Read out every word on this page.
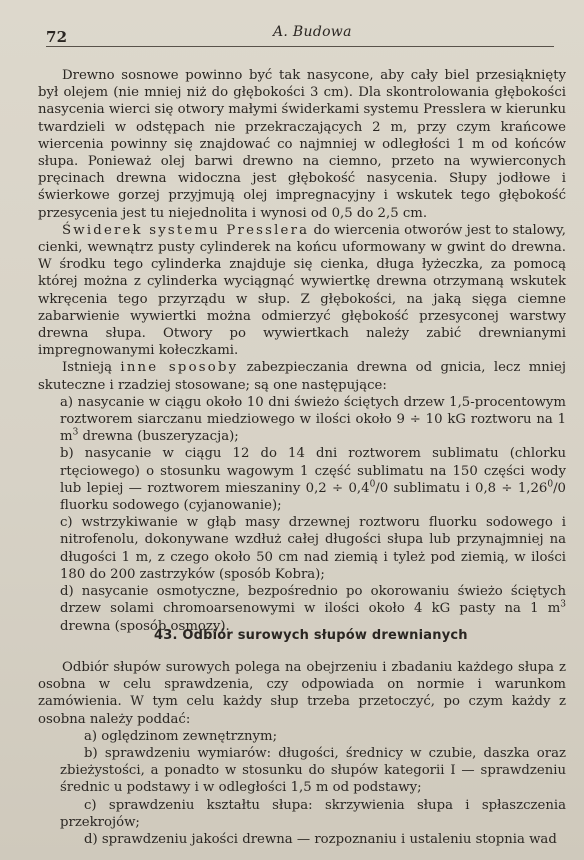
72	A. Budowa

Drewno sosnowe powinno być tak nasycone, aby cały biel przesiąknięty był olejem (nie mniej niż do głębokości 3 cm). Dla skontrolowania głębokości nasycenia wierci się otwory małymi świderkami systemu Presslera w kierunku twardzieli w odstępach nie przekraczających 2 m, przy czym krańcowe wiercenia powinny się znajdować co najmniej w odległości 1 m od końców słupa. Ponieważ olej barwi drewno na ciemno, przeto na wywierconych pręcinach drewna widoczna jest głębokość nasycenia. Słupy jodłowe i świerkowe gorzej przyjmują olej impregnacyjny i wskutek tego głębokość przesycenia jest tu niejednolita i wynosi od 0,5 do 2,5 cm.

Świderek systemu Presslera do wiercenia otworów jest to stalowy, cienki, wewnątrz pusty cylinderek na końcu uformowany w gwint do drewna. W środku tego cylinderka znajduje się cienka, długa łyżeczka, za pomocą której można z cylinderka wyciągnąć wywiertkę drewna otrzymaną wskutek wkręcenia tego przyrządu w słup. Z głębokości, na jaką sięga ciemne zabarwienie wywiertki można odmierzyć głębokość przesyconej warstwy drewna słupa. Otwory po wywiertkach należy zabić drewnianymi impregnowanymi kołeczkami.

Istnieją inne sposoby zabezpieczania drewna od gnicia, lecz mniej skuteczne i rzadziej stosowane; są one następujące:

a) nasycanie w ciągu około 10 dni świeżo ściętych drzew 1,5-procentowym roztworem siarczanu miedziowego w ilości około 9 ÷ 10 kG roztworu na 1 $m^3$ drewna (buszeryzacja);

b) nasycanie w ciągu 12 do 14 dni roztworem sublimatu (chlorku rtęciowego) o stosunku wagowym 1 część sublimatu na 150 części wody lub lepiej — roztworem mieszaniny $0,2 \div 0,4^0/0$ sublimatu i $0,8 \div 1,26^0/0$ fluorku sodowego (cyjanowanie);

c) wstrzykiwanie w głąb masy drzewnej roztworu fluorku sodowego i nitrofenolu, dokonywane wzdłuż całej długości słupa lub przynajmniej na długości 1 m, z czego około 50 cm nad ziemią i tyleż pod ziemią, w ilości 180 do 200 zastrzyków (sposób Kobra);

d) nasycanie osmotyczne, bezpośrednio po okorowaniu świeżo ściętych drzew solami chromoarsenowymi w ilości około 4 kG pasty na 1 $m^3$ drewna (sposób osmozy).

43. Odbiór surowych słupów drewnianych

Odbiór słupów surowych polega na obejrzeniu i zbadaniu każdego słupa z osobna w celu sprawdzenia, czy odpowiada on normie i warunkom zamówienia. W tym celu każdy słup trzeba przetoczyć, po czym każdy z osobna należy poddać:

a) oględzinom zewnętrznym;

b) sprawdzeniu wymiarów: długości, średnicy w czubie, daszka oraz zbieżystości, a ponadto w stosunku do słupów kategorii I — sprawdzeniu średnic u podstawy i w odległości 1,5 m od podstawy;

c) sprawdzeniu kształtu słupa: skrzywienia słupa i spłaszczenia przekrojów;

d) sprawdzeniu jakości drewna — rozpoznaniu i ustaleniu stopnia wad
